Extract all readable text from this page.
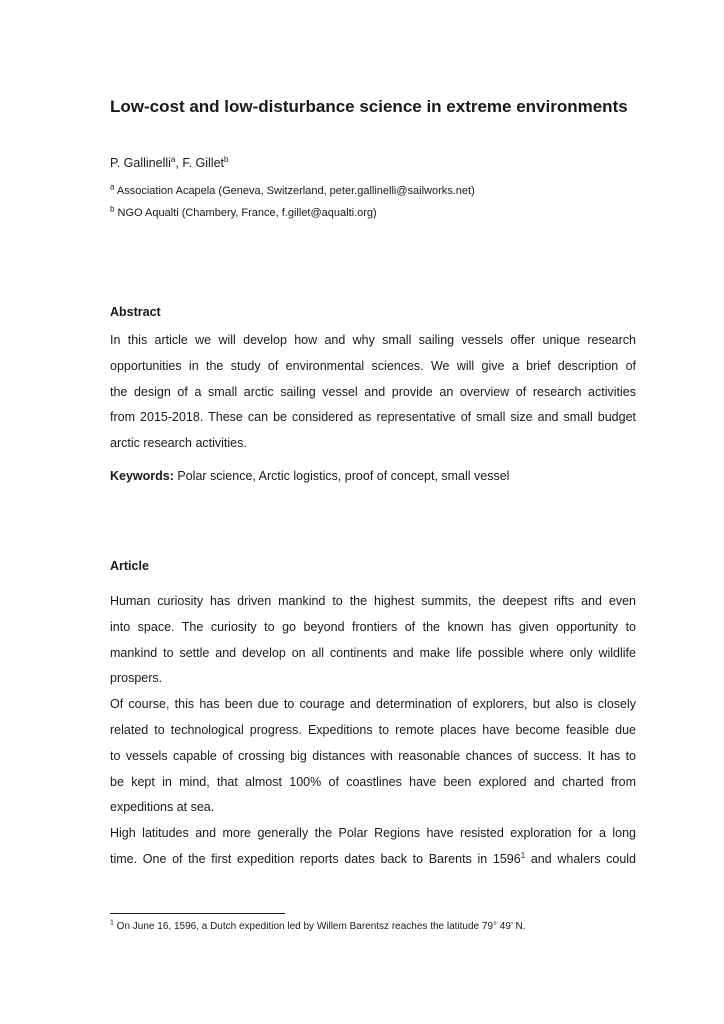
Low-cost and low-disturbance science in extreme environments
P. Gallinelli$^a$, F. Gillet$^b$
$^a$ Association Acapela (Geneva, Switzerland, peter.gallinelli@sailworks.net)
$^b$ NGO Aqualti (Chambery, France, f.gillet@aqualti.org)
Abstract
In this article we will develop how and why small sailing vessels offer unique research
opportunities in the study of environmental sciences. We will give a brief description of
the design of a small arctic sailing vessel and provide an overview of research activities
from 2015-2018. These can be considered as representative of small size and small budget
arctic research activities.
Keywords: Polar science, Arctic logistics, proof of concept, small vessel
Article
Human curiosity has driven mankind to the highest summits, the deepest rifts and even
into space. The curiosity to go beyond frontiers of the known has given opportunity to
mankind to settle and develop on all continents and make life possible where only wildlife
prospers.
Of course, this has been due to courage and determination of explorers, but also is closely
related to technological progress. Expeditions to remote places have become feasible due
to vessels capable of crossing big distances with reasonable chances of success. It has to
be kept in mind, that almost 100% of coastlines have been explored and charted from
expeditions at sea.
High latitudes and more generally the Polar Regions have resisted exploration for a long
time. One of the first expedition reports dates back to Barents in 1596$^1$ and whalers could
$^1$ On June 16, 1596, a Dutch expedition led by Willem Barentsz reaches the latitude 79° 49’ N.
